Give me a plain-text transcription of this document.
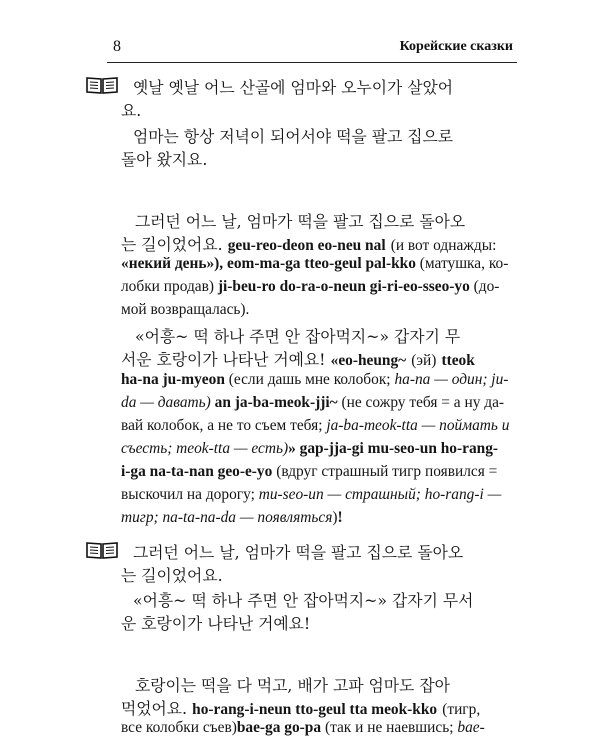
8	Корейские сказки
옛날 옛날 어느 산골에 엄마와 오누이가 살았어
요.
엄마는 항상 저녁이 되어서야 떡을 팔고 집으로
돌아 왔지요.
그러던 어느 날, 엄마가 떡을 팔고 집으로 돌아오
는 길이었어요. geu-reo-deon eo-neu nal (и вот однажды:
«некий день»), eom-ma-ga tteo-geul pal-kko (матушка, ко-
лобки продав) ji-beu-ro do-ra-o-neun gi-ri-eo-sseo-yo (до-
мой возвращалась).
«어흥~ 떡 하나 주면 안 잡아먹지~» 갑자기 무
서운 호랑이가 나타난 거예요! «eo-heung~ (эй) tteok
ha-na ju-myeon (если дашь мне колобок; ha-na — один; ju-
da — давать) an ja-ba-meok-jji~ (не сожру тебя = а ну да-
вай колобок, а не то съем тебя; ja-ba-meok-tta — поймать и
съесть; meok-tta — есть)» gap-jja-gi mu-seo-un ho-rang-
i-ga na-ta-nan geo-e-yo (вдруг страшный тигр появился =
выскочил на дорогу; mu-seo-un — страшный; ho-rang-i —
тигр; na-ta-na-da — появляться)!
그러던 어느 날, 엄마가 떡을 팔고 집으로 돌아오
는 길이었어요.
«어흥~ 떡 하나 주면 안 잡아먹지~» 갑자기 무서
운 호랑이가 나타난 거예요!
호랑이는 떡을 다 먹고, 배가 고파 엄마도 잡아
먹었어요. ho-rang-i-neun tto-geul tta meok-kko (тигр,
все колобки съев)baе-ga go-pa (так и не наевшись; bae-
